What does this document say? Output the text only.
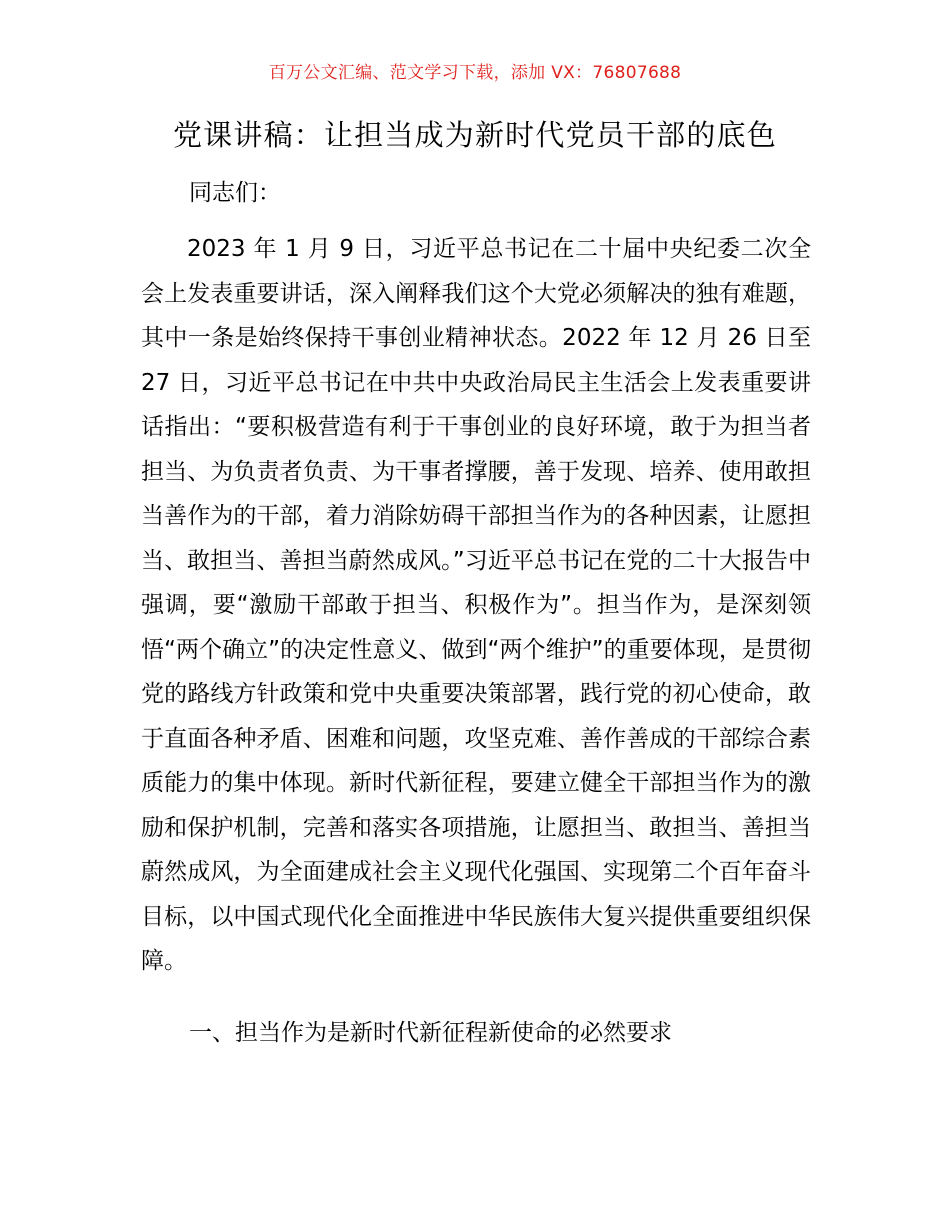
百万公文汇编、范文学习下载，添加 VX：76807688
党课讲稿：让担当成为新时代党员干部的底色
同志们：
2023 年 1 月 9 日，习近平总书记在二十届中央纪委二次全会上发表重要讲话，深入阐释我们这个大党必须解决的独有难题，其中一条是始终保持干事创业精神状态。2022 年 12 月 26 日至 27 日，习近平总书记在中共中央政治局民主生活会上发表重要讲话指出：“要积极营造有利于干事创业的良好环境，敢于为担当者担当、为负责者负责、为干事者撑腰，善于发现、培养、使用敢担当善作为的干部，着力消除妨碍干部担当作为的各种因素，让愿担当、敢担当、善担当蔚然成风。”习近平总书记在党的二十大报告中强调，要“激励干部敢于担当、积极作为”。担当作为，是深刻领悟“两个确立”的决定性意义、做到“两个维护”的重要体现，是贯彻党的路线方针政策和党中央重要决策部署，践行党的初心使命，敢于直面各种矛盾、困难和问题，攻坚克难、善作善成的干部综合素质能力的集中体现。新时代新征程，要建立健全干部担当作为的激励和保护机制，完善和落实各项措施，让愿担当、敢担当、善担当蔚然成风，为全面建成社会主义现代化强国、实现第二个百年奋斗目标，以中国式现代化全面推进中华民族伟大复兴提供重要组织保障。
一、担当作为是新时代新征程新使命的必然要求
